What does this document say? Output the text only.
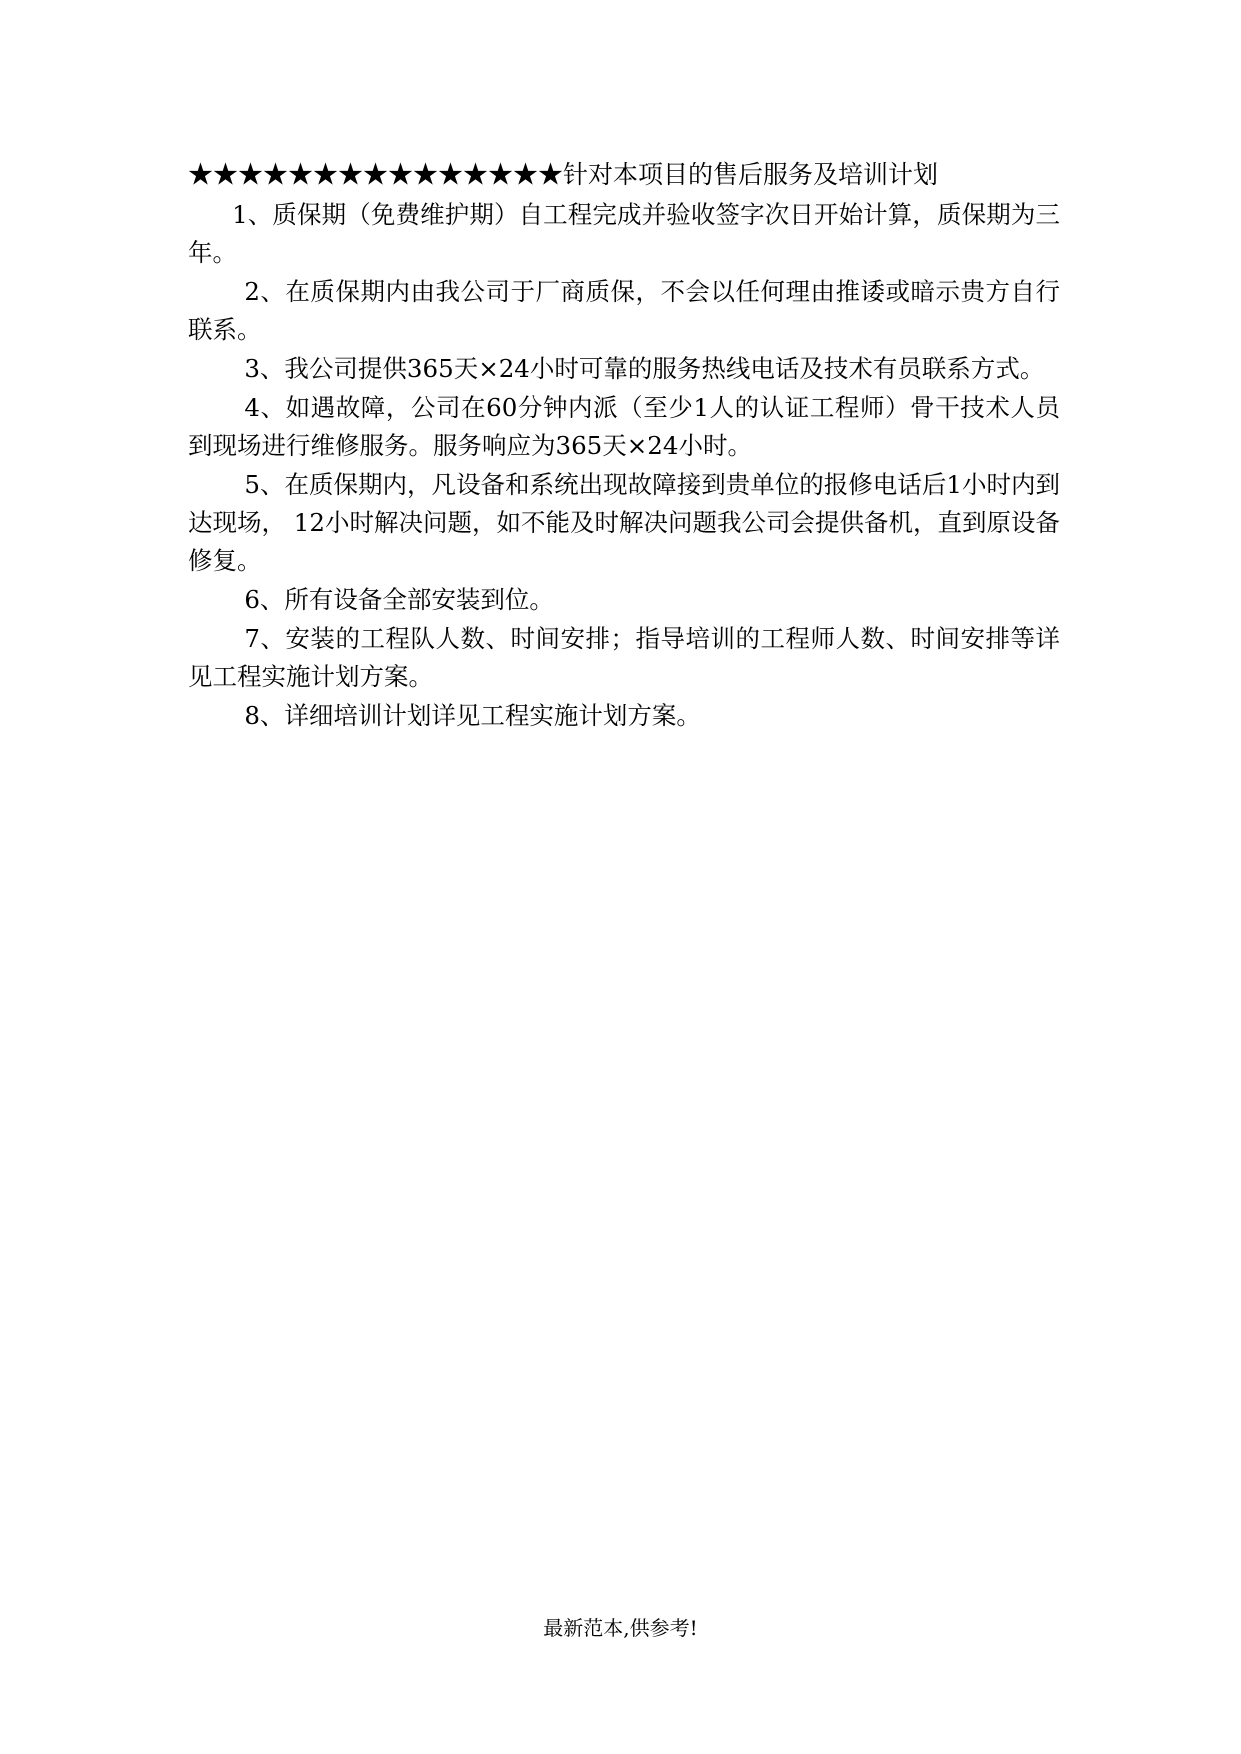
★★★★★★★★★★★★★★★针对本项目的售后服务及培训计划

1、质保期（免费维护期）自工程完成并验收签字次日开始计算，质保期为三年。

2、在质保期内由我公司于厂商质保，不会以任何理由推诿或暗示贵方自行联系。

3、我公司提供365天×24小时可靠的服务热线电话及技术有员联系方式。

4、如遇故障，公司在60分钟内派（至少1人的认证工程师）骨干技术人员到现场进行维修服务。服务响应为365天×24小时。

5、在质保期内，凡设备和系统出现故障接到贵单位的报修电话后1小时内到达现场， 12小时解决问题，如不能及时解决问题我公司会提供备机，直到原设备修复。

6、所有设备全部安装到位。

7、安装的工程队人数、时间安排；指导培训的工程师人数、时间安排等详见工程实施计划方案。

8、详细培训计划详见工程实施计划方案。

最新范本,供参考!
